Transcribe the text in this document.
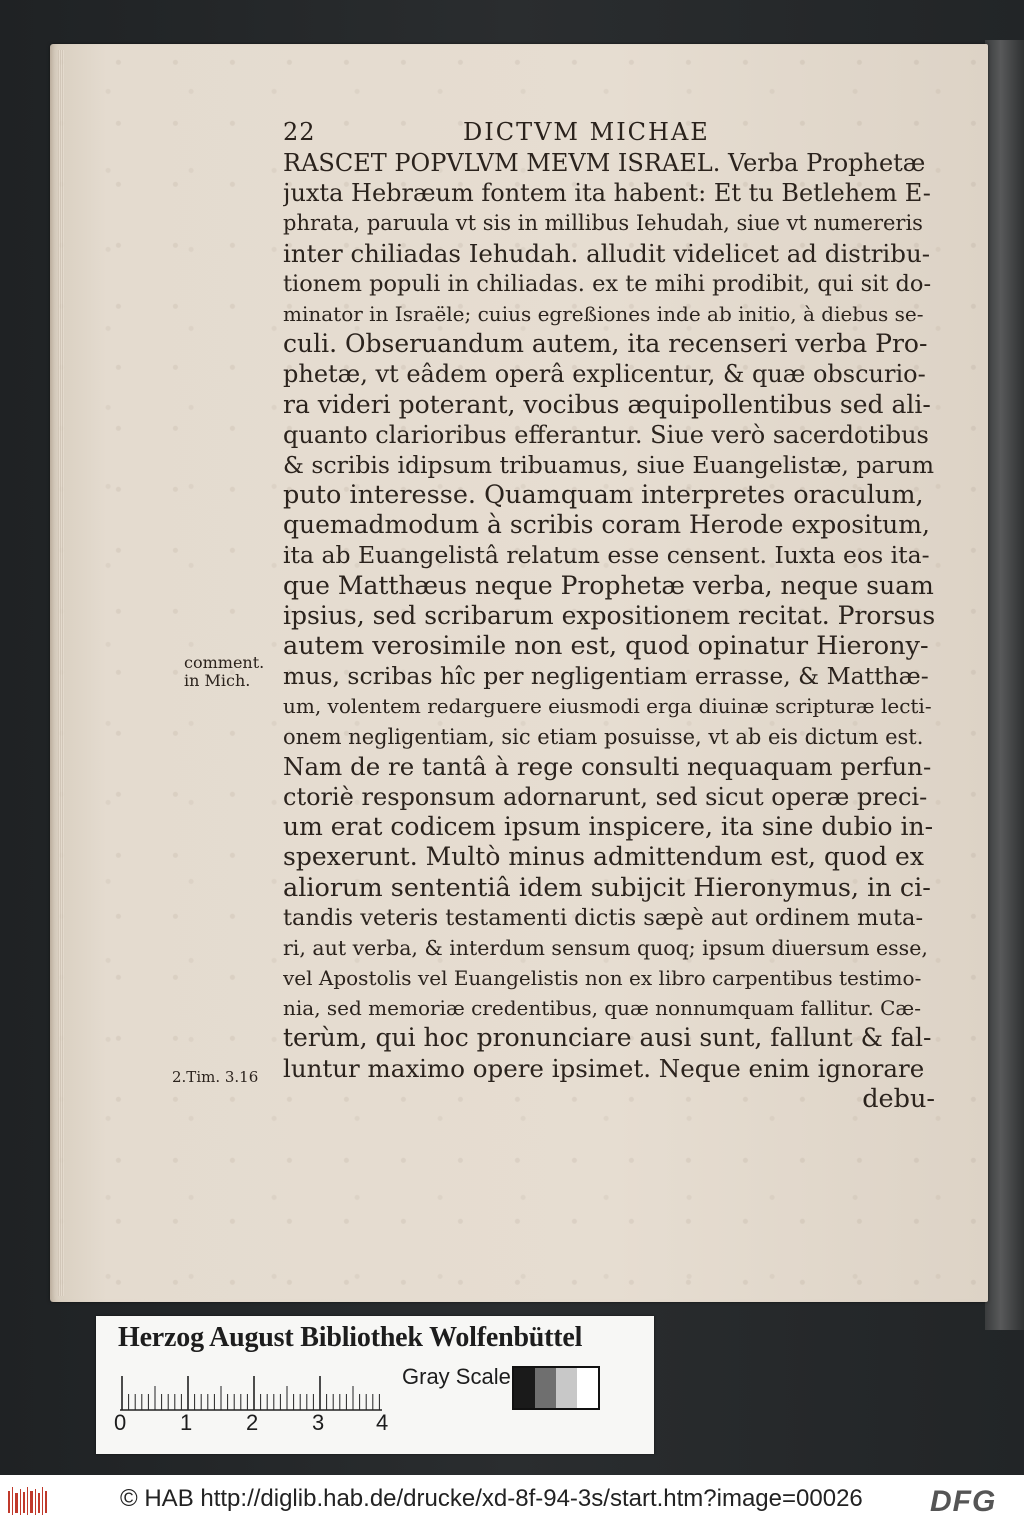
22	DICTVM MICHAE
RASCET POPVLVM MEVM ISRAEL. Verba Prophetæ
juxta Hebræum fontem ita habent: Et tu Betlehem E-
phrata, paruula vt sis in millibus Iehudah, siue vt numereris
inter chiliadas Iehudah. alludit videlicet ad distribu-
tionem populi in chiliadas. ex te mihi prodibit, qui sit do-
minator in Israële; cuius egreßiones inde ab initio, à diebus se-
culi. Obseruandum autem, ita recenseri verba Pro-
phetæ, vt eâdem operâ explicentur, & quæ obscurio-
ra videri poterant, vocibus æquipollentibus sed ali-
quanto clarioribus efferantur. Siue verò sacerdotibus
& scribis idipsum tribuamus, siue Euangelistæ, parum
puto interesse. Quamquam interpretes oraculum,
quemadmodum à scribis coram Herode expositum,
ita ab Euangelistâ relatum esse censent. Iuxta eos ita-
que Matthæus neque Prophetæ verba, neque suam
ipsius, sed scribarum expositionem recitat. Prorsus
autem verosimile non est, quod opinatur Hierony-
mus, scribas hîc per negligentiam errasse, & Matthæ-
um, volentem redarguere eiusmodi erga diuinæ scripturæ lecti-
onem negligentiam, sic etiam posuisse, vt ab eis dictum est.
Nam de re tantâ à rege consulti nequaquam perfun-
ctoriè responsum adornarunt, sed sicut operæ preci-
um erat codicem ipsum inspicere, ita sine dubio in-
spexerunt. Multò minus admittendum est, quod ex
aliorum sententiâ idem subijcit Hieronymus, in ci-
tandis veteris testamenti dictis sæpè aut ordinem muta-
ri, aut verba, & interdum sensum quoq; ipsum diuersum esse,
vel Apostolis vel Euangelistis non ex libro carpentibus testimo-
nia, sed memoriæ credentibus, quæ nonnumquam fallitur. Cæ-
terùm, qui hoc pronunciare ausi sunt, fallunt & fal-
luntur maximo opere ipsimet. Neque enim ignorare
debu-
comment.
in Mich.
2.Tim. 3.16
Herzog August Bibliothek Wolfenbüttel
0 1 2 3 4
Gray Scale
© HAB http://diglib.hab.de/drucke/xd-8f-94-3s/start.htm?image=00026 DFG
